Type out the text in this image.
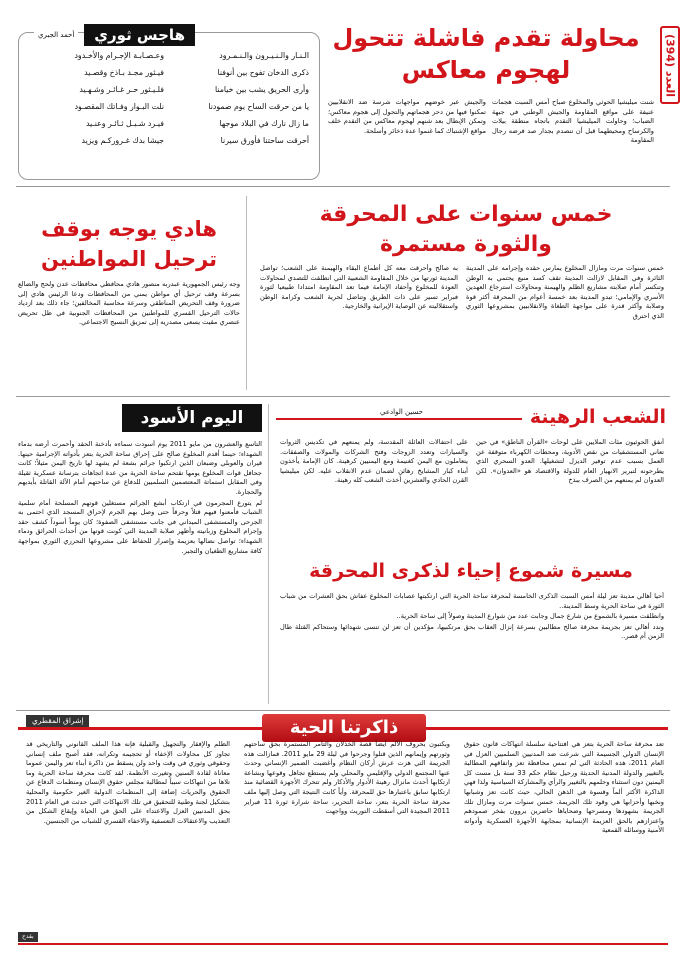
العدد (394)
محاولة تقدم فاشلة تتحول
لهجوم معاكس
شنت ميليشيا الحوثي والمخلوع صباح أمس السبت هجمات عنيفة على مواقع المقاومة والجيش الوطني في جبهة الضباب؛ وحاولت الميليشيا التقدم باتجاه منطقة بيلات والكرساح ومحيطهما قبل أن تنصدم بجدار صد فرضه رجال المقاومة
والجيش عبر خوضهم مواجهات شرسة ضد الانقلابيين تمكنوا فيها من دحر هجماتهم والتحول إلى هجوم معاكس؛ وتمكن الإبطال بعد شنهم لهجوم معاكس من التقدم خلف مواقع الإشتباك كما غنموا عدة ذخائر وأسلحة.
الـنـار والـنـيـرون والـنـمـرود
ذكرى الدخان تفوح بين أنوفنا
وأرى الحريق يشب بين خيامنا
يا من حرقت الساح يوم صمودنا
ما زال نارك في البلاد موجها
أحرقت ساحتنا فأورق سيرنا
وعـصـابـة الإجـرام والأخـدود
فيـثور مجـد بـاذخ وقصـيد
فلـيـثور حـر غـائـر وشـهـيد
نلت البـوار وفـاتك المقصـود
فيـرد شـبـل ثـائـر وعنـيد
جيشا بدك غـرورکـم ويزيد
هاجس ثوري
أحمد الجبري
خمس سنوات على المحرقة
والثورة مستمرة
خمس سنوات مرت ومازال المخلوع يمارس حقده وإجرامه على المدينة الثائرة وفي المقابل لازالت المدينة تقف كسد منيع يحتمي به الوطن وتنكسر أمام صلابته مشاريع الظلم والهيمنة ومحاولات استرجاع العهدين الأسري والإمامي؛ تبدو المدينة بعد خمسة أعوام من المحرقة أكثر قوة وصلابة وأكثر قدرة على مواجهة الطغاة والانقلابيين بمشروعها الثوري الذي احترق
به صالح وأحرقت معه كل أطماع البقاء والهيمنة على الشعب؛ تواصل المدينة ثورتها من خلال المقاومة الشعبية التي انطلقت للتصدي لمحاولات العودة للمخلوع وأحفاد الإمامة فيما تعد المقاومة امتدادا طبيعيا لثورة فبراير تسير على ذات الطريق وتناضل لحرية الشعب وكرامة الوطن واستقلاليته عن الوصاية الإيرانية والخارجية.
هادي يوجه بوقف
ترحيل المواطنين
وجه رئيس الجمهورية عبدربه منصور هادي محافظي محافظات عدن ولحج والضالع بسرعة وقف ترحيل أي مواطن يمني من المحافظات ودعا الرئيس هادي إلى ضرورة وقف التحريض المناطقي وسرعة محاسبة المخالفين؛ جاء ذلك بعد ازدياد حالات الترحيل القسري للمواطنين من المحافظات الجنوبية في ظل تحريض عنصري مقيت يسعى مصدريه إلى تمزيق النسيج الاجتماعي.
الشعب الرهينة
حسين الوادعي
أنفق الحوثيون مئات الملايين على لوحات «القرآن الناطق» في حين تعاني المستشفيات من نقص الأدوية، ومحطات الكهرباء متوقفة عن العمل بسبب عدم توفير الديزل لتشغيلها. العدو السحري الذي يطرحونه لتبرير الانهيار العام للدولة والاقتصاد هو «العدوان». لكن العدوان لم يمنعهم من الصرف ببذخ
على احتفالات العائلة المقدسة، ولم يمنعهم في تكديس الثروات والسيارات وتعدد الزوجات وفتح الشركات والمولات والصفقات. يتعاملون مع اليمن كغنيمة ومع اليمنيين كرهينة. كان الإمامة يأخذون أبناء كبار المشايخ رهائن لضمان عدم الانقلاب عليه. لكن ميليشيا القرن الحادي والعشرين أخذت الشعب كله رهينة.
اليوم الأسود

التاسع والعشرون من مايو 2011 يوم أسودت سماءه بأدخنة الحقد وأحمرت أرضه بدماء الشهداء؛ حينما أقدم المخلوع صالح على إحراق ساحة الحرية بتعز بأدواته الإجرامية حينها. قيران والعوبلي وضبعان الذين ارتكبوا جرائم بشعة لم يشهد لها تاريخ اليمن مثيلاً؛ كانت جحافل قوات المخلوع يومها تقتحم ساحة الحرية من عدة اتجاهات بترسانة عسكرية ثقيلة وفي المقابل استماتة المعتصمين السلميين للدفاع عن ساحتهم أمام الآلة القاتلة بأيديهم والحجارة.

لم يتورع المجرمون في ارتكاب أبشع الجرائم مستغلين قوتهم المسلحة أمام سلمية الشباب فأمعنوا فيهم قتلاً وحرقاً حتى وصل بهم الجرم لإحراق المسجد الذي احتمى به الجرحى والمستشفى الميداني في جانب مستشفى الصفوة؛ كان يوماً أسوداً كشف حقد وإجرام المخلوع وزبانيته وأظهر صلابة المدينة التي كونت قوتها من أحداث الحرائق ودماء الشهداء؛ تواصل نضالها بعزيمة وإصرار للحفاظ على مشروعها التحرري الثوري بمواجهة كافة مشاريع الطغيان والتجبر.

مسيرة شموع إحياء لذكرى المحرقة

أحيا أهالي مدينة تعز ليلة أمس السبت الذكرى الخامسة لمحرقة ساحة الحرية التي ارتكبتها عصابات المخلوع عفاش بحق العشرات من شباب الثورة في ساحة الحرية وسط المدينة..

وانطلقت مسيرة بالشموع من شارع جمال وجابت عدد من شوارع المدينة وصولاً إلى ساحة الحرية..

وندد أهالي تعز بجريمة محرقة صالح مطالبين بسرعة إنزال العقاب بحق مرتكبيها، مؤكدين أن تعز لن تنسى شهدائها وستحاكم القتلة طال الزمن أم قصر..

ذاكرتنا الحية
إشراق المقطري
تعد محرقة ساحة الحرية بتعز هي افتتاحية سلسلة انتهاكات قانون حقوق الإنسان الدولي الجسيمة التي شرعت ضد المدنيين السلميين العزل في العام 2011، هذه الحادثة التي لم تمس محافظة تعز واتفاقهم المطالبة بالتغيير والدولة المدنية الحديثة ورحيل نظام حكم 33 سنة بل مست كل اليمنين دون استثناء وحلمهم بالتغيير والرأي والمشاركة السياسية ولذا فهي الذاكرة الأكثر ألماً وقسوة في الذهن الحالي، حيث كانت تعز وشبابها ونخبها وأحزابها هي وقود تلك الجريمة. خمس سنوات مرت ومازال تلك الجريمة بشهودها ومسرحها وضحاياها حاضرين يروون بفخر صمودهم واعتزازهم بالحق العزيمة الإنسانية بمجابهة الأجهزة العسكرية وأدواته الأمنية ووسائله القمعية
وبكتبون بحروف الألم أيضاً قصة الخذلان والتآمر المستمرة بحق ساحتهم وثورتهم وإيمانهم الذين قتلوا وجرحوا في ليلة 29 مايو 2011. فمازالت هذه الجريمة التي هزت عرش أركان النظام وأغضبت الضمير الإنساني وحدث عنها المجتمع الدولي والإقليمي والمحلي ولم يستطع تجاهل وقوعها وبشاعة ارتكابها أحدث مانزال رهينة الأدوار والأذكار ولم تتحرك الأجهزة القضائية منذ ارتكابها سابق باعتبارها حق للمحرقة. وأياً كانت النتيجة التي وصل إليها ملف محرقة ساحة الحرية بتعز، ساحة التحرير، ساحة شرارة ثورة 11 فبراير 2011 المجيدة التي أسقطت التوريث وواجهت
الظلم والإفقار والتجهيل والقبلية فإنه هذا الملف القانوني والتاريخي قد تجاوز كل محاولات الإخفاء أو تحجيمه وتكرانه، فقد أصبح ملف إنساني وحقوقي وثوري في وقت واحد ولن يسقط من ذاكرة أبناء تعز واليمن عموما معاناة لقادة السنين وتغيرت الأنظمة. لقد كانت محرقة ساحة الحرية وما تلاها من انتهاكات سبباً لمطالبة مجلس حقوق الإنسان ومنظمات الدفاع عن الحقوق والحريات إضافة إلى المنظمات الدولية الغير حكومية والمحلية بتشكيل لجنة وطنية للتحقيق في تلك الانتهاكات التي حدثت في العام 2011 بحق المدنيين العزل والاعتداء على الحق في الحياة وإيقاع الشكل من التعذيب والاعتقالات التعسفية والاخفاء القسري للشباب من الجنسين.
بقدح
